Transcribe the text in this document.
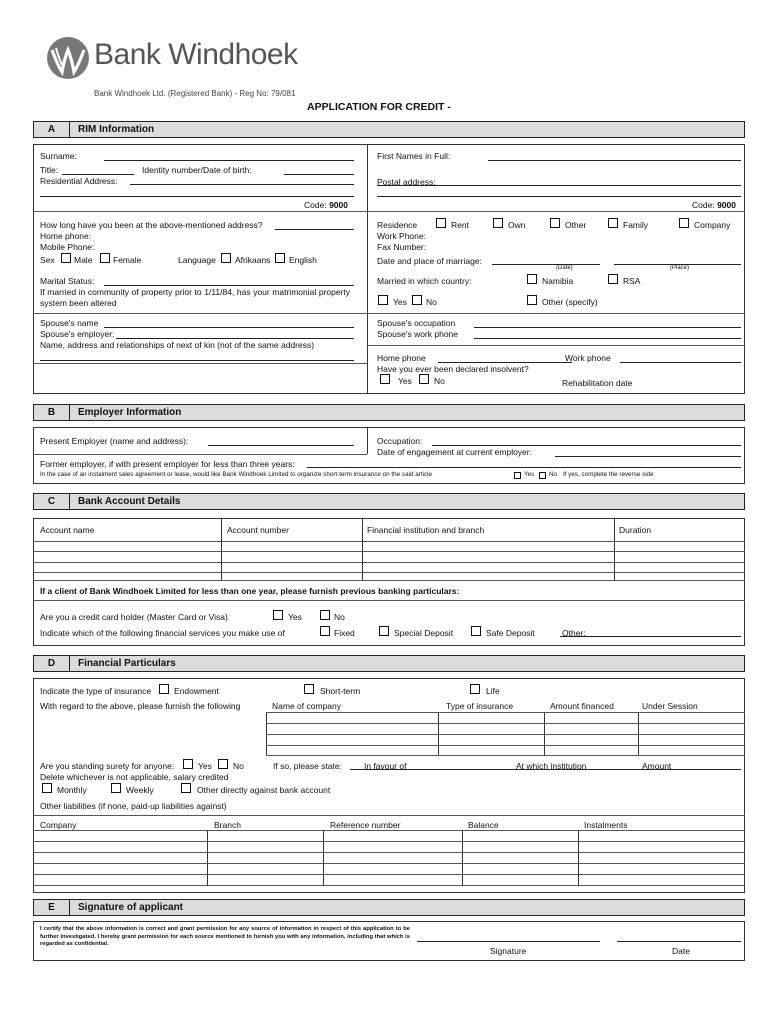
Bank Windhoek
Bank Windhoek Ltd. (Registered Bank) - Reg No: 79/081
APPLICATION FOR CREDIT -
A	RIM Information
Surname:	First Names in Full:
Title:	Identity number/Date of birth:
Residential Address:	Postal address:
Code: 9000	Code: 9000
How long have you been at the above-mentioned address?
Home phone:
Mobile Phone:
Sex Male Female	Language Afrikaans English
Residence	Rent	Own	Other	Family	Company
Work Phone:
Fax Number:
Date and place of marriage:
(Date)	(Place)
Marital Status:
If married in community of property prior to 1/11/84, has your matrimonial property system been altered
Married in which country:	Namibia	RSA
Yes No	Other (specify)
Spouse's name
Spouse's employer:
Name, address and relationships of next of kin (not of the same address)
Spouse's occupation
Spouse's work phone
Home phone	Work phone
Have you ever been declared insolvent?
Yes	No	Rehabilitation date
B	Employer Information
Present Employer (name and address):	Occupation:
Date of engagement at current employer:
Former employer, if with present employer for less than three years:
In the case of an instalment sales agreement or lease, would like Bank Windhoek Limited to organize short-term insurance on the said article	Yes No If yes, complete the reverse side
C	Bank Account Details
Account name	Account number	Financial institution and branch	Duration
If a client of Bank Windhoek Limited for less than one year, please furnish previous banking particulars:
Are you a credit card holder (Master Card or Visa)	Yes	No
Indicate which of the following financial services you make use of	Fixed	Special Deposit	Safe Deposit	Other:
D	Financial Particulars
Indicate the type of insurance	Endowment	Short-term	Life
With regard to the above, please furnish the following	Name of company	Type of insurance	Amount financed	Under Session
Are you standing surety for anyone:	Yes No	If so, please state:	In favour of	At which institution	Amount
Delete whichever is not applicable, salary credited
Monthly	Weekly	Other directly against bank account
Other liabilities (if none, paid-up liabilities against)
Company	Branch	Reference number	Balance	Instalments
E	Signature of applicant
I certify that the above information is correct and grant permission for any source of information in respect of this application to be further investigated. I hereby grant permission for each source mentioned to furnish you with any information, including that which is regarded as confidential.
Signature	Date
